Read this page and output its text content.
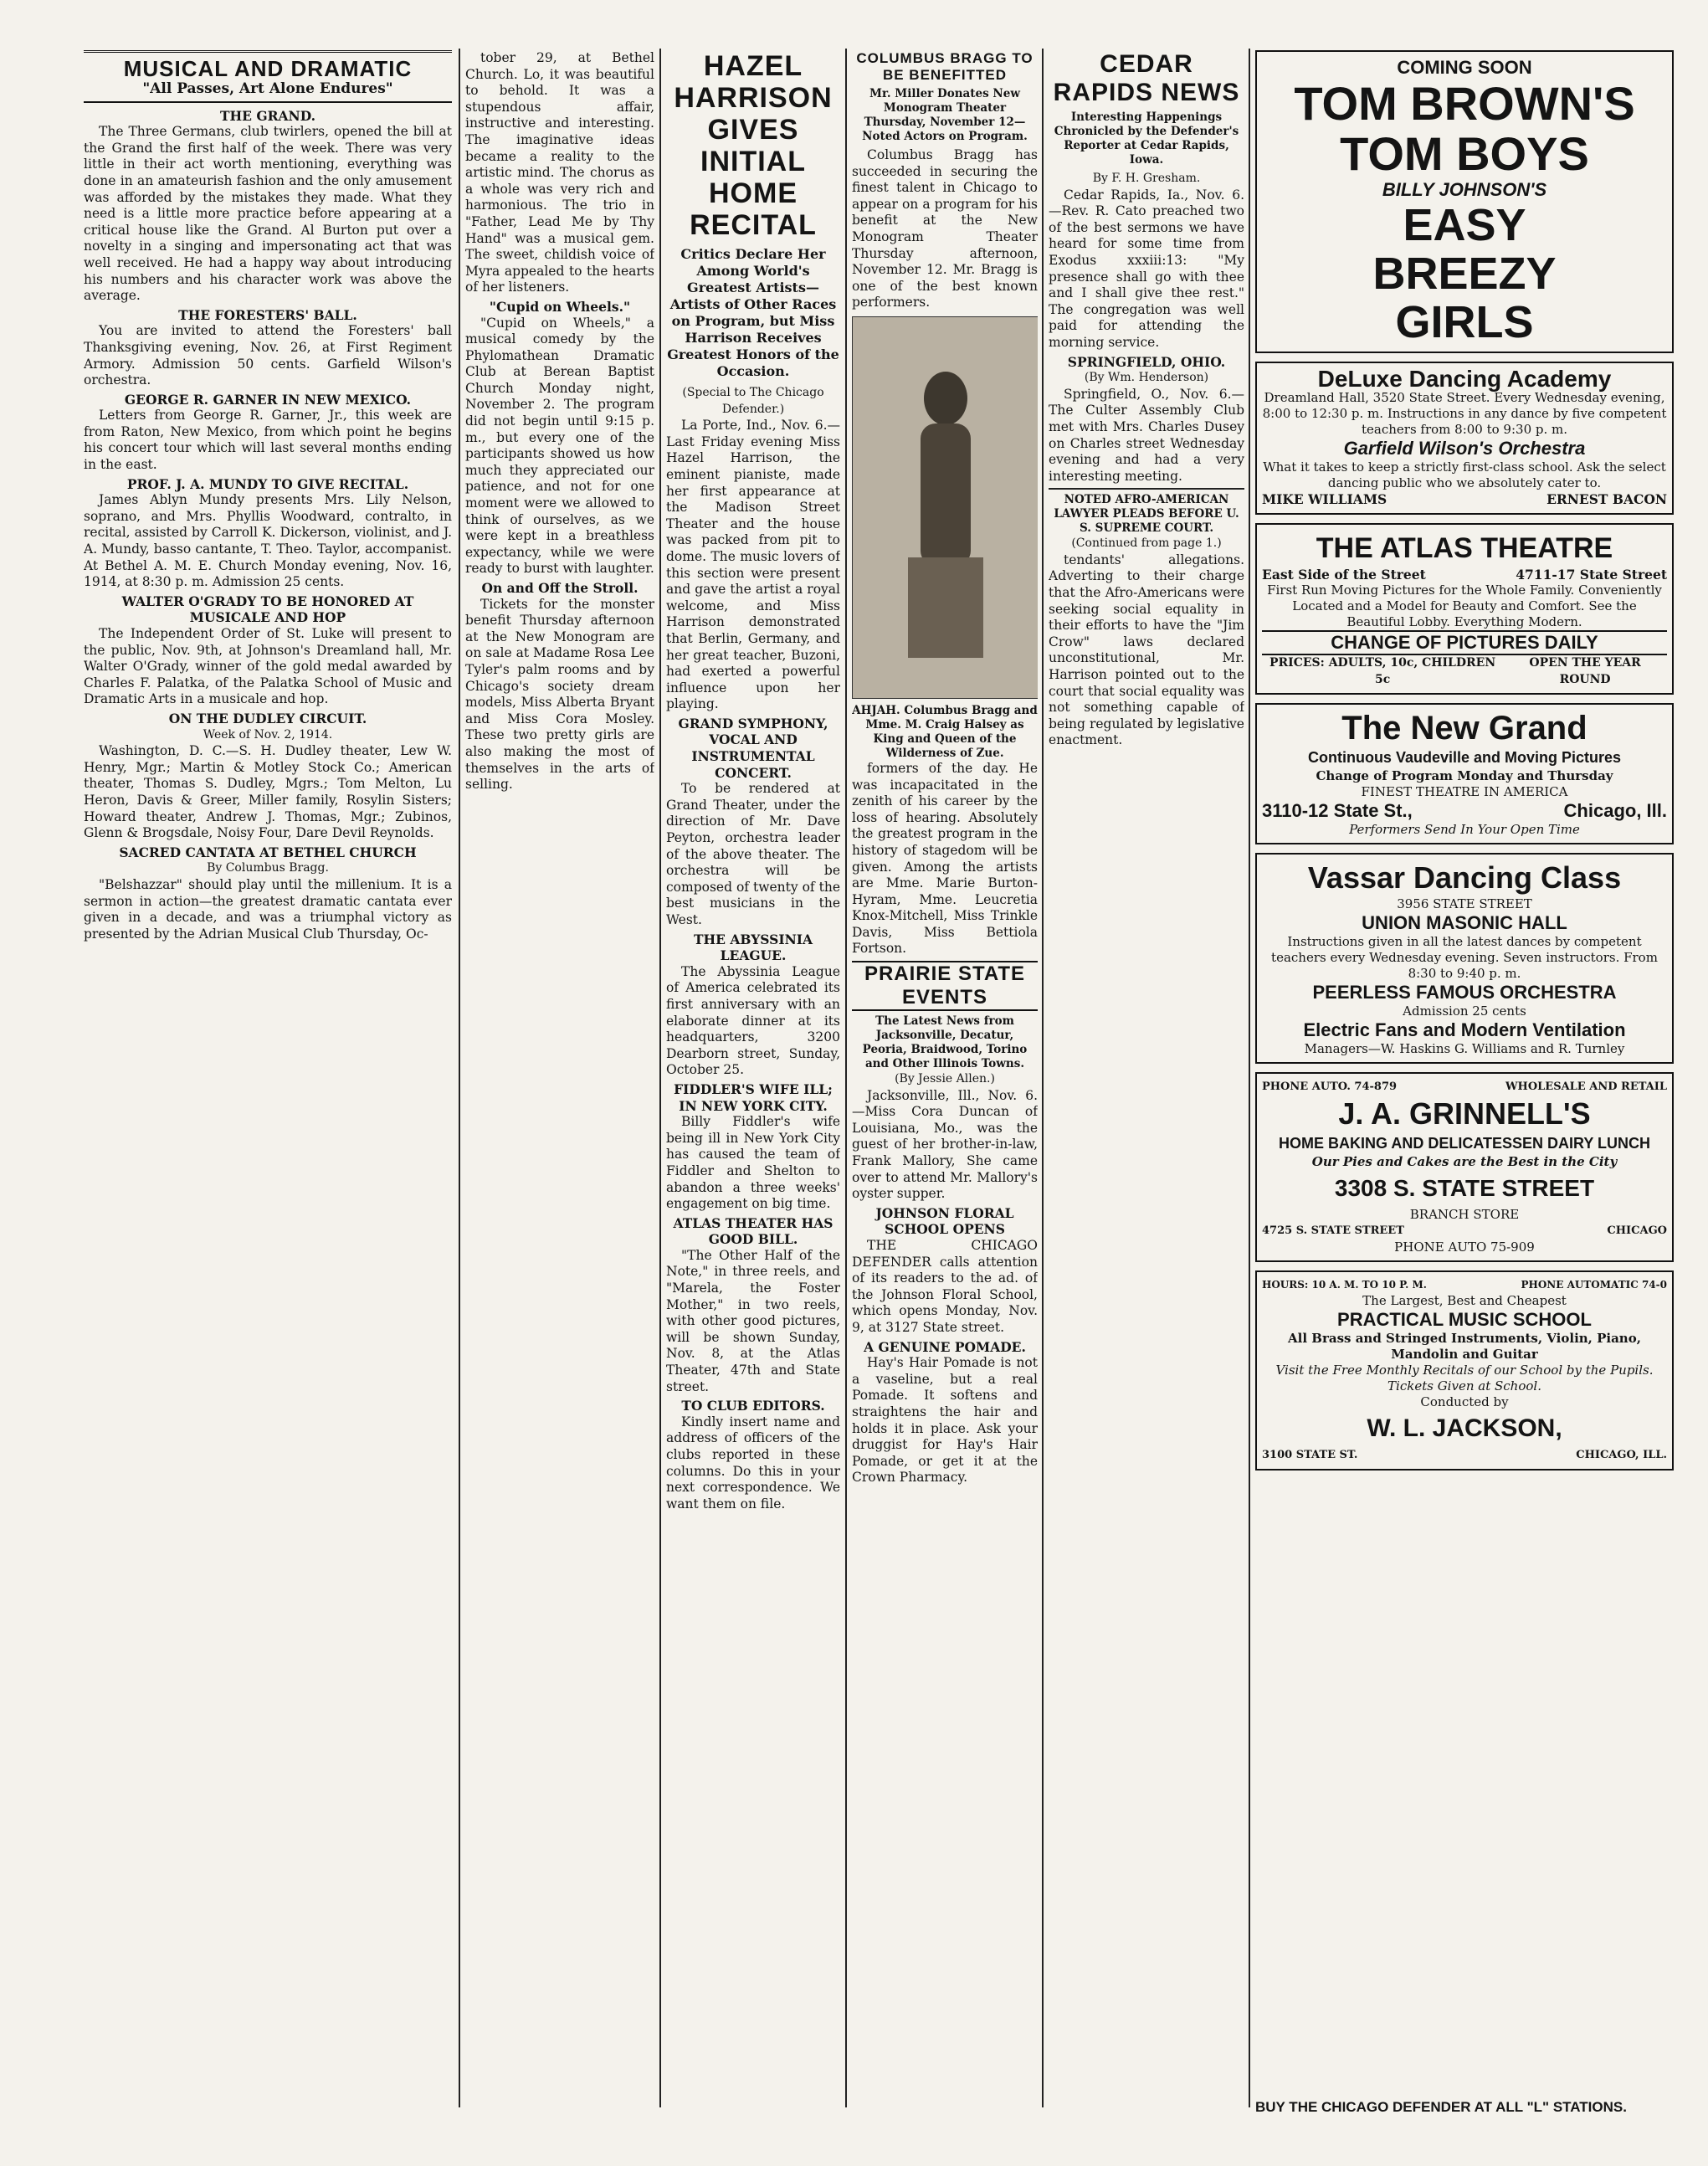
MUSICAL AND DRAMATIC
"All Passes, Art Alone Endures"
THE GRAND.

The Three Germans, club twirlers, opened the bill at the Grand the first half of the week. There was very little in their act worth mentioning, everything was done in an amateurish fashion and the only amusement was afforded by the mistakes they made. What they need is a little more practice before appearing at a critical house like the Grand. Al Burton put over a novelty in a singing and impersonating act that was well received. He had a happy way about introducing his numbers and his character work was above the average.

THE FORESTERS' BALL.

You are invited to attend the Foresters' ball Thanksgiving evening, Nov. 26, at First Regiment Armory. Admission 50 cents. Garfield Wilson's orchestra.

GEORGE R. GARNER IN NEW MEXICO.

Letters from George R. Garner, Jr., this week are from Raton, New Mexico, from which point he begins his concert tour which will last several months ending in the east.

PROF. J. A. MUNDY TO GIVE RECITAL.

James Ablyn Mundy presents Mrs. Lily Nelson, soprano, and Mrs. Phyllis Woodward, contralto, in recital, assisted by Carroll K. Dickerson, violinist, and J. A. Mundy, basso cantante, T. Theo. Taylor, accompanist. At Bethel A. M. E. Church Monday evening, Nov. 16, 1914, at 8:30 p. m. Admission 25 cents.

WALTER O'GRADY TO BE HONORED AT MUSICALE AND HOP

The Independent Order of St. Luke will present to the public, Nov. 9th, at Johnson's Dreamland hall, Mr. Walter O'Grady, winner of the gold medal awarded by Charles F. Palatka, of the Palatka School of Music and Dramatic Arts in a musicale and hop.

ON THE DUDLEY CIRCUIT.
Week of Nov. 2, 1914.

Washington, D. C.—S. H. Dudley theater, Lew W. Henry, Mgr.; Martin & Motley Stock Co.; American theater, Thomas S. Dudley, Mgrs.; Tom Melton, Lu Heron, Davis & Greer, Miller family, Rosylin Sisters; Howard theater, Andrew J. Thomas, Mgr.; Zubinos, Glenn & Brogsdale, Noisy Four, Dare Devil Reynolds.

SACRED CANTATA AT BETHEL CHURCH
By Columbus Bragg.

"Belshazzar" should play until the millenium. It is a sermon in action—the greatest dramatic cantata ever given in a decade, and was a triumphal victory as presented by the Adrian Musical Club Thursday, Oc-

tober 29, at Bethel Church. Lo, it was beautiful to behold. It was a stupendous affair, instructive and interesting. The imaginative ideas became a reality to the artistic mind. The chorus as a whole was very rich and harmonious. The trio in "Father, Lead Me by Thy Hand" was a musical gem. The sweet, childish voice of Myra appealed to the hearts of her listeners.

"Cupid on Wheels."

"Cupid on Wheels," a musical comedy by the Phylomathean Dramatic Club at Berean Baptist Church Monday night, November 2. The program did not begin until 9:15 p. m., but every one of the participants showed us how much they appreciated our patience, and not for one moment were we allowed to think of ourselves, as we were kept in a breathless expectancy, while we were ready to burst with laughter.

On and Off the Stroll.

Tickets for the monster benefit Thursday afternoon at the New Monogram are on sale at Madame Rosa Lee Tyler's palm rooms and by Chicago's society dream models, Miss Alberta Bryant and Miss Cora Mosley. These two pretty girls are also making the most of themselves in the arts of selling.

HAZEL HARRISON GIVES INITIAL HOME RECITAL
Critics Declare Her Among World's Greatest Artists—Artists of Other Races on Program, but Miss Harrison Receives Greatest Honors of the Occasion.
(Special to The Chicago Defender.)

La Porte, Ind., Nov. 6.—Last Friday evening Miss Hazel Harrison, the eminent pianiste, made her first appearance at the Madison Street Theater and the house was packed from pit to dome. The music lovers of this section were present and gave the artist a royal welcome, and Miss Harrison demonstrated that Berlin, Germany, and her great teacher, Buzoni, had exerted a powerful influence upon her playing.

GRAND SYMPHONY, VOCAL AND INSTRUMENTAL CONCERT.

To be rendered at Grand Theater, under the direction of Mr. Dave Peyton, orchestra leader of the above theater. The orchestra will be composed of twenty of the best musicians in the West.

THE ABYSSINIA LEAGUE.

The Abyssinia League of America celebrated its first anniversary with an elaborate dinner at its headquarters, 3200 Dearborn street, Sunday, October 25.

FIDDLER'S WIFE ILL; IN NEW YORK CITY.

Billy Fiddler's wife being ill in New York City has caused the team of Fiddler and Shelton to abandon a three weeks' engagement on big time.

ATLAS THEATER HAS GOOD BILL.

"The Other Half of the Note," in three reels, and "Marela, the Foster Mother," in two reels, with other good pictures, will be shown Sunday, Nov. 8, at the Atlas Theater, 47th and State street.

TO CLUB EDITORS.

Kindly insert name and address of officers of the clubs reported in these columns. Do this in your next correspondence. We want them on file.

COLUMBUS BRAGG TO BE BENEFITTED
Mr. Miller Donates New Monogram Theater Thursday, November 12—Noted Actors on Program.

Columbus Bragg has succeeded in securing the finest talent in Chicago to appear on a program for his benefit at the New Monogram Theater Thursday afternoon, November 12. Mr. Bragg is one of the best known performers.

AHJAH. Columbus Bragg and Mme. M. Craig Halsey as King and Queen of the Wilderness of Zue.

formers of the day. He was incapacitated in the zenith of his career by the loss of hearing. Absolutely the greatest program in the history of stagedom will be given. Among the artists are Mme. Marie Burton-Hyram, Mme. Leucretia Knox-Mitchell, Miss Trinkle Davis, Miss Bettiola Fortson.

PRAIRIE STATE EVENTS
The Latest News from Jacksonville, Decatur, Peoria, Braidwood, Torino and Other Illinois Towns.
(By Jessie Allen.)

Jacksonville, Ill., Nov. 6.—Miss Cora Duncan of Louisiana, Mo., was the guest of her brother-in-law, Frank Mallory, She came over to attend Mr. Mallory's oyster supper.

JOHNSON FLORAL SCHOOL OPENS

THE CHICAGO DEFENDER calls attention of its readers to the ad. of the Johnson Floral School, which opens Monday, Nov. 9, at 3127 State street.

A GENUINE POMADE.

Hay's Hair Pomade is not a vaseline, but a real Pomade. It softens and straightens the hair and holds it in place. Ask your druggist for Hay's Hair Pomade, or get it at the Crown Pharmacy.

CEDAR RAPIDS NEWS
Interesting Happenings Chronicled by the Defender's Reporter at Cedar Rapids, Iowa.
By F. H. Gresham.

Cedar Rapids, Ia., Nov. 6.—Rev. R. Cato preached two of the best sermons we have heard for some time from Exodus xxxiii:13: "My presence shall go with thee and I shall give thee rest." The congregation was well paid for attending the morning service.

SPRINGFIELD, OHIO.
(By Wm. Henderson)

Springfield, O., Nov. 6.—The Culter Assembly Club met with Mrs. Charles Dusey on Charles street Wednesday evening and had a very interesting meeting.

NOTED AFRO-AMERICAN LAWYER PLEADS BEFORE U. S. SUPREME COURT.
(Continued from page 1.)

tendants' allegations. Adverting to their charge that the Afro-Americans were seeking social equality in their efforts to have the "Jim Crow" laws declared unconstitutional, Mr. Harrison pointed out to the court that social equality was not something capable of being regulated by legislative enactment.

COMING SOON
TOM BROWN'S
TOM BOYS
BILLY JOHNSON'S
EASY
BREEZY
GIRLS
DeLuxe Dancing Academy
Dreamland Hall, 3520 State Street. Every Wednesday evening, 8:00 to 12:30 p. m. Instructions in any dance by five competent teachers from 8:00 to 9:30 p. m.
Garfield Wilson's Orchestra
What it takes to keep a strictly first-class school. Ask the select dancing public who we absolutely cater to.
MIKE WILLIAMS	ERNEST BACON
THE ATLAS THEATRE
East Side of the Street	4711-17 State Street
First Run Moving Pictures for the Whole Family. Conveniently Located and a Model for Beauty and Comfort. See the Beautiful Lobby. Everything Modern.
CHANGE OF PICTURES DAILY
PRICES: ADULTS, 10c, CHILDREN 5c
OPEN THE YEAR ROUND
The New Grand
Continuous Vaudeville and Moving Pictures
Change of Program Monday and Thursday
FINEST THEATRE IN AMERICA
3110-12 State St.,	Chicago, Ill.
Performers Send In Your Open Time
Vassar Dancing Class
3956 STATE STREET
UNION MASONIC HALL
Instructions given in all the latest dances by competent teachers every Wednesday evening. Seven instructors. From 8:30 to 9:40 p. m.
PEERLESS FAMOUS ORCHESTRA
Admission 25 cents
Electric Fans and Modern Ventilation
Managers—W. Haskins G. Williams and R. Turnley
PHONE AUTO. 74-879	WHOLESALE AND RETAIL
J. A. GRINNELL'S
HOME BAKING AND DELICATESSEN DAIRY LUNCH
Our Pies and Cakes are the Best in the City
3308 S. STATE STREET
BRANCH STORE
4725 S. STATE STREET	CHICAGO
PHONE AUTO 75-909
HOURS: 10 A. M. TO 10 P. M.	PHONE AUTOMATIC 74-0
The Largest, Best and Cheapest
PRACTICAL MUSIC SCHOOL
All Brass and Stringed Instruments, Violin, Piano, Mandolin and Guitar
Visit the Free Monthly Recitals of our School by the Pupils. Tickets Given at School.
Conducted by
W. L. JACKSON,
3100 STATE ST.	CHICAGO, ILL.
BUY THE CHICAGO DEFENDER AT ALL "L" STATIONS.
